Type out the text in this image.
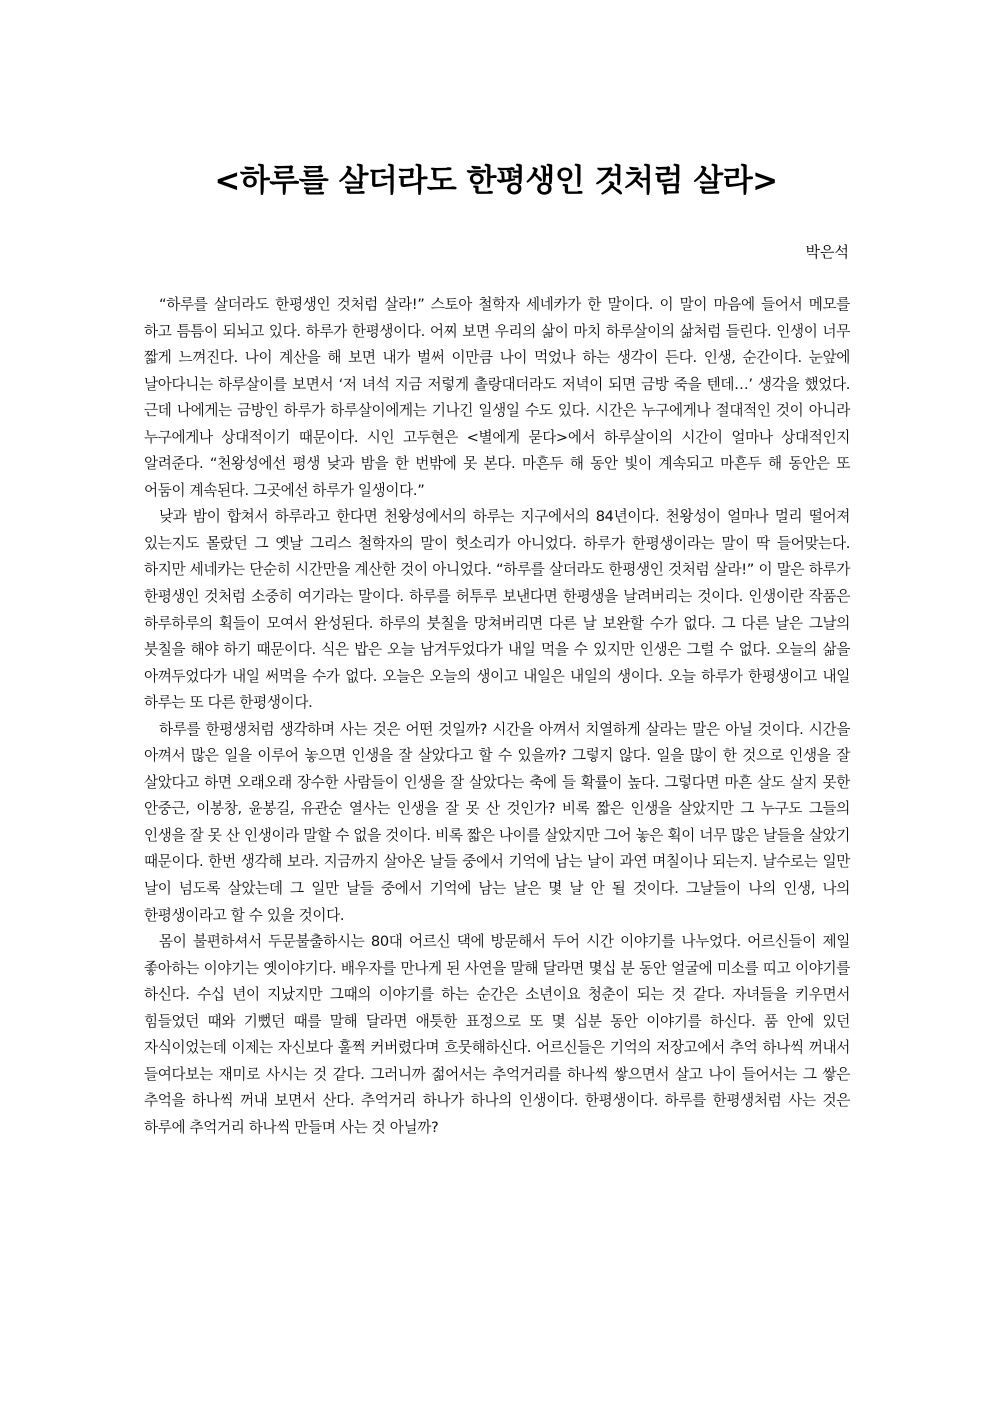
<하루를 살더라도 한평생인 것처럼 살라>
박은석

“하루를 살더라도 한평생인 것처럼 살라!” 스토아 철학자 세네카가 한 말이다. 이 말이 마음에 들어서 메모를 하고 틈틈이 되뇌고 있다. 하루가 한평생이다. 어찌 보면 우리의 삶이 마치 하루살이의 삶처럼 들린다. 인생이 너무 짧게 느껴진다. 나이 계산을 해 보면 내가 벌써 이만큼 나이 먹었나 하는 생각이 든다. 인생, 순간이다. 눈앞에 날아다니는 하루살이를 보면서 ‘저 녀석 지금 저렇게 촐랑대더라도 저녁이 되면 금방 죽을 텐데…’ 생각을 했었다. 근데 나에게는 금방인 하루가 하루살이에게는 기나긴 일생일 수도 있다. 시간은 누구에게나 절대적인 것이 아니라 누구에게나 상대적이기 때문이다. 시인 고두현은 <별에게 묻다>에서 하루살이의 시간이 얼마나 상대적인지 알려준다. “천왕성에선 평생 낮과 밤을 한 번밖에 못 본다. 마흔두 해 동안 빛이 계속되고 마흔두 해 동안은 또 어둠이 계속된다. 그곳에선 하루가 일생이다.”

낮과 밤이 합쳐서 하루라고 한다면 천왕성에서의 하루는 지구에서의 84년이다. 천왕성이 얼마나 멀리 떨어져 있는지도 몰랐던 그 옛날 그리스 철학자의 말이 헛소리가 아니었다. 하루가 한평생이라는 말이 딱 들어맞는다. 하지만 세네카는 단순히 시간만을 계산한 것이 아니었다. “하루를 살더라도 한평생인 것처럼 살라!” 이 말은 하루가 한평생인 것처럼 소중히 여기라는 말이다. 하루를 허투루 보낸다면 한평생을 날려버리는 것이다. 인생이란 작품은 하루하루의 획들이 모여서 완성된다. 하루의 붓칠을 망쳐버리면 다른 날 보완할 수가 없다. 그 다른 날은 그날의 붓칠을 해야 하기 때문이다. 식은 밥은 오늘 남겨두었다가 내일 먹을 수 있지만 인생은 그럴 수 없다. 오늘의 삶을 아껴두었다가 내일 써먹을 수가 없다. 오늘은 오늘의 생이고 내일은 내일의 생이다. 오늘 하루가 한평생이고 내일 하루는 또 다른 한평생이다.

하루를 한평생처럼 생각하며 사는 것은 어떤 것일까? 시간을 아껴서 치열하게 살라는 말은 아닐 것이다. 시간을 아껴서 많은 일을 이루어 놓으면 인생을 잘 살았다고 할 수 있을까? 그렇지 않다. 일을 많이 한 것으로 인생을 잘 살았다고 하면 오래오래 장수한 사람들이 인생을 잘 살았다는 축에 들 확률이 높다. 그렇다면 마흔 살도 살지 못한 안중근, 이봉창, 윤봉길, 유관순 열사는 인생을 잘 못 산 것인가? 비록 짧은 인생을 살았지만 그 누구도 그들의 인생을 잘 못 산 인생이라 말할 수 없을 것이다. 비록 짧은 나이를 살았지만 그어 놓은 획이 너무 많은 날들을 살았기 때문이다. 한번 생각해 보라. 지금까지 살아온 날들 중에서 기억에 남는 날이 과연 며칠이나 되는지. 날수로는 일만 날이 넘도록 살았는데 그 일만 날들 중에서 기억에 남는 날은 몇 날 안 될 것이다. 그날들이 나의 인생, 나의 한평생이라고 할 수 있을 것이다.

몸이 불편하셔서 두문불출하시는 80대 어르신 댁에 방문해서 두어 시간 이야기를 나누었다. 어르신들이 제일 좋아하는 이야기는 옛이야기다. 배우자를 만나게 된 사연을 말해 달라면 몇십 분 동안 얼굴에 미소를 띠고 이야기를 하신다. 수십 년이 지났지만 그때의 이야기를 하는 순간은 소년이요 청춘이 되는 것 같다. 자녀들을 키우면서 힘들었던 때와 기뻤던 때를 말해 달라면 애틋한 표정으로 또 몇 십분 동안 이야기를 하신다. 품 안에 있던 자식이었는데 이제는 자신보다 훌쩍 커버렸다며 흐뭇해하신다. 어르신들은 기억의 저장고에서 추억 하나씩 꺼내서 들여다보는 재미로 사시는 것 같다. 그러니까 젊어서는 추억거리를 하나씩 쌓으면서 살고 나이 들어서는 그 쌓은 추억을 하나씩 꺼내 보면서 산다. 추억거리 하나가 하나의 인생이다. 한평생이다. 하루를 한평생처럼 사는 것은 하루에 추억거리 하나씩 만들며 사는 것 아닐까?
